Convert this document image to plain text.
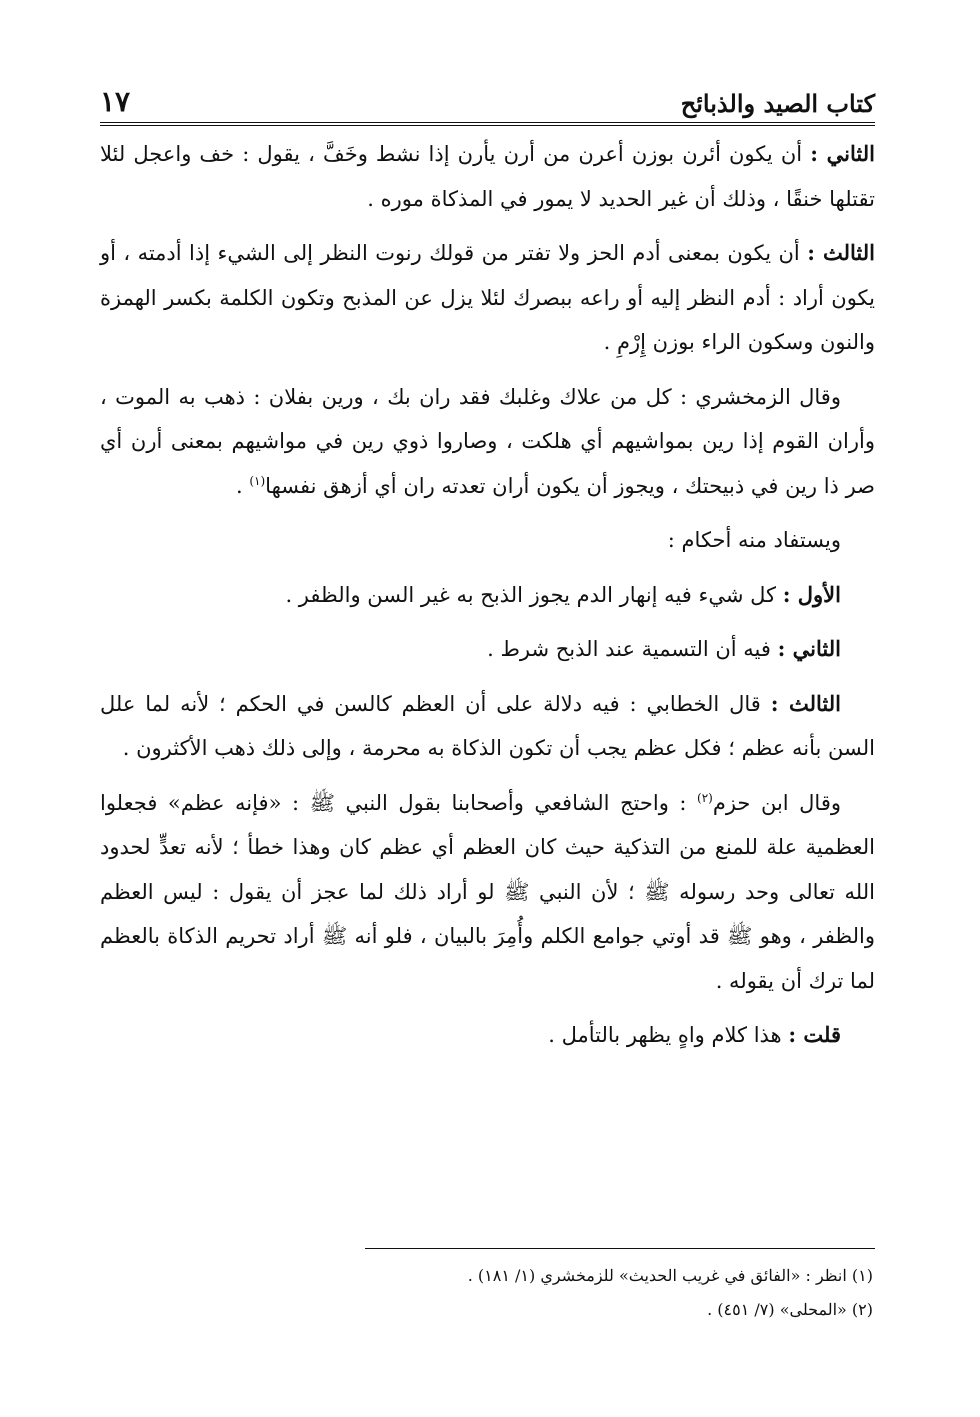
كتاب الصيد والذبائح
١٧

الثاني : أن يكون أئرن بوزن أعرن من أرن يأرن إذا نشط وخَفَّ ، يقول : خف واعجل لئلا تقتلها خنقًا ، وذلك أن غير الحديد لا يمور في المذكاة موره .

الثالث : أن يكون بمعنى أدم الحز ولا تفتر من قولك رنوت النظر إلى الشيء إذا أدمته ، أو يكون أراد : أدم النظر إليه أو راعه ببصرك لئلا يزل عن المذبح وتكون الكلمة بكسر الهمزة والنون وسكون الراء بوزن إِرْمِ .

وقال الزمخشري : كل من علاك وغلبك فقد ران بك ، ورين بفلان : ذهب به الموت ، وأران القوم إذا رين بمواشيهم أي هلكت ، وصاروا ذوي رين في مواشيهم بمعنى أرن أي صر ذا رين في ذبيحتك ، ويجوز أن يكون أران تعدته ران أي أزهق نفسها$^{(١)}$ .

ويستفاد منه أحكام :

الأول : كل شيء فيه إنهار الدم يجوز الذبح به غير السن والظفر .

الثاني : فيه أن التسمية عند الذبح شرط .

الثالث : قال الخطابي : فيه دلالة على أن العظم كالسن في الحكم ؛ لأنه لما علل السن بأنه عظم ؛ فكل عظم يجب أن تكون الذكاة به محرمة ، وإلى ذلك ذهب الأكثرون .

وقال ابن حزم$^{(٢)}$ : واحتج الشافعي وأصحابنا بقول النبي ﷺ : «فإنه عظم» فجعلوا العظمية علة للمنع من التذكية حيث كان العظم أي عظم كان وهذا خطأ ؛ لأنه تعدٍّ لحدود الله تعالى وحد رسوله ﷺ ؛ لأن النبي ﷺ لو أراد ذلك لما عجز أن يقول : ليس العظم والظفر ، وهو ﷺ قد أوتي جوامع الكلم وأُمِرَ بالبيان ، فلو أنه ﷺ أراد تحريم الذكاة بالعظم لما ترك أن يقوله .

قلت : هذا كلام واهٍ يظهر بالتأمل .

(١) انظر : «الفائق في غريب الحديث» للزمخشري (١/ ١٨١) .

(٢) «المحلى» (٧/ ٤٥١) .
